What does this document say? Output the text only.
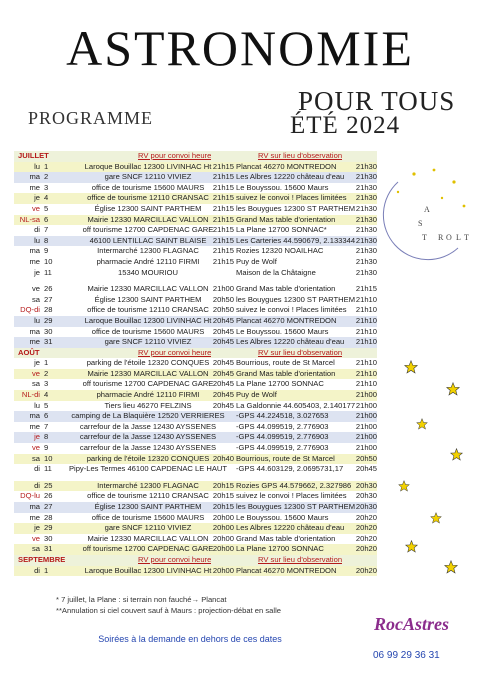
ASTRONOMIE
PROGRAMME
POUR TOUS
ÉTÉ 2024
JUILLET	RV pour convoi heure	RV sur lieu d'observation
lu 1	Laroque Bouillac 12300 LIVINHAC Ht 21h15 Plancat 46270 MONTREDON	21h30
ma 2	gare SNCF 12110 VIVIEZ	21h15 Les Albres 12220 château d'eau	21h30
me 3	office de tourisme 15600 MAURS	21h15 Le Bouyssou. 15600 Maurs	21h30
je 4	office de tourisme 12110 CRANSAC 21h15 suivez le convoi ! Places limitées	21h30
ve 5	Église 12300 SAINT PARTHEM	21h15 les Bouygues 12300 ST PARTHEM 21h30
NL-sa 6	Mairie 12330 MARCILLAC VALLON 21h15 Grand Mas table d'orientation	21h30
di 7	off tourisme 12700 CAPDENAC GARE 21h15 La Plane 12700 SONNAC*	21h30
lu 8	46100 LENTILLAC SAINT BLAISE 21h15 Les Carteries 44.590679, 2.133344 21h30
ma 9	Intermarché 12300 FLAGNAC	21h15 Rozies 12320 NOAILHAC	21h30
me 10	pharmacie André 12110 FIRMI	21h15 Puy de Wolf	21h30
je 11	15340 MOURIOU	Maison de la Châtaigne	21h30
ve 26	Mairie 12330 MARCILLAC VALLON 21h00 Grand Mas table d'orientation	21h15
sa 27	Église 12300 SAINT PARTHEM	20h50 les Bouygues 12300 ST PARTHEM 21h10
DQ-di 28	office de tourisme 12110 CRANSAC 20h50 suivez le convoi ! Places limitées	21h10
lu 29	Laroque Bouillac 12300 LIVINHAC Ht 20h45 Plancat 46270 MONTREDON	21h10
ma 30	office de tourisme 15600 MAURS	20h45 Le Bouyssou. 15600 Maurs	21h10
me 31	gare SNCF 12110 VIVIEZ	20h45 Les Albres 12220 château d'eau	21h10
AOÛT	RV pour convoi heure	RV sur lieu d'observation
je 1	parking de l'étoile 12320 CONQUES 20h45 Bourrious, route de St Marcel	21h10
ve 2	Mairie 12330 MARCILLAC VALLON 20h45 Grand Mas table d'orientation	21h10
sa 3	off tourisme 12700 CAPDENAC GARE 20h45 La Plane 12700 SONNAC	21h10
NL-di 4	pharmacie André 12110 FIRMI	20h45 Puy de Wolf	21h00
lu 5	Tiers lieu 46270 FELZINS	20h45 La Galdonnie 44.605403, 2.140177 21h00
ma 6	camping de La Blaquière 12520 VERRIERES	-GPS 44.224518, 3.027653	21h00
me 7	carrefour de la Jasse 12430 AYSSENES	-GPS 44.099519, 2.776903	21h00
je 8	carrefour de la Jasse 12430 AYSSENES	-GPS 44.099519, 2.776903	21h00
ve 9	carrefour de la Jasse 12430 AYSSENES	-GPS 44.099519, 2.776903	21h00
sa 10	parking de l'étoile 12320 CONQUES 20h40 Bourrious, route de St Marcel	20h50
di 11	Pipy-Les Termes 46100 CAPDENAC LE HAUT	-GPS 44.603129, 2.0695731,17	20h45
di 25	Intermarché 12300 FLAGNAC	20h15 Rozies GPS 44.579662, 2.327986 20h30
DQ-lu 26	office de tourisme 12110 CRANSAC 20h15 suivez le convoi ! Places limitées	20h30
ma 27	Église 12300 SAINT PARTHEM	20h15 les Bouygues 12300 ST PARTHEM 20h30
me 28	office de tourisme 15600 MAURS	20h00 Le Bouyssou. 15600 Maurs	20h20
je 29	gare SNCF 12110 VIVIEZ	20h00 Les Albres 12220 château d'eau	20h20
ve 30	Mairie 12330 MARCILLAC VALLON 20h00 Grand Mas table d'orientation	20h20
sa 31	off tourisme 12700 CAPDENAC GARE 20h00 La Plane 12700 SONNAC	20h20
SEPTEMBRE	RV pour convoi heure	RV sur lieu d'observation
di 1	Laroque Bouillac 12300 LIVINHAC Ht 20h00 Plancat 46270 MONTREDON	20h20
A
S
T R O L T
* 7 juillet, la Plane : si terrain non fauché→ Plancat
**Annulation si ciel couvert sauf à Maurs : projection-débat en salle
RocAstres
Soirées à la demande en dehors de ces dates
06 99 29 36 31
